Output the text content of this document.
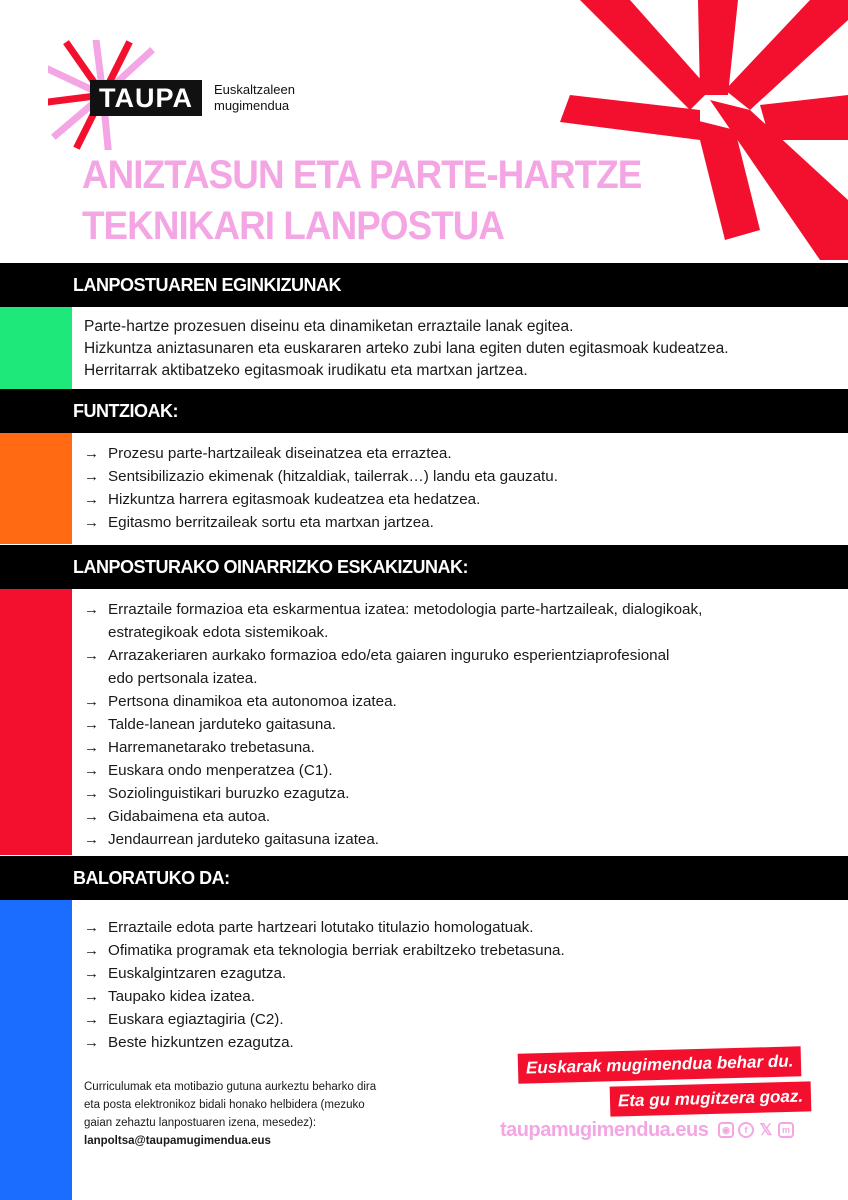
TAUPA	Euskaltzaleen
mugimendua
ANIZTASUN ETA PARTE-HARTZE
TEKNIKARI LANPOSTUA
LANPOSTUAREN EGINKIZUNAK
Parte-hartze prozesuen diseinu eta dinamiketan erraztaile lanak egitea.
Hizkuntza aniztasunaren eta euskararen arteko zubi lana egiten duten egitasmoak kudeatzea.
Herritarrak aktibatzeko egitasmoak irudikatu eta martxan jartzea.
FUNTZIOAK:
→ Prozesu parte-hartzaileak diseinatzea eta erraztea.
→ Sentsibilizazio ekimenak (hitzaldiak, tailerrak…) landu eta gauzatu.
→ Hizkuntza harrera egitasmoak kudeatzea eta hedatzea.
→ Egitasmo berritzaileak sortu eta martxan jartzea.
LANPOSTURAKO OINARRIZKO ESKAKIZUNAK:
→ Erraztaile formazioa eta eskarmentua izatea: metodologia parte-hartzaileak, dialogikoak,
estrategikoak edota sistemikoak.
→ Arrazakeriaren aurkako formazioa edo/eta gaiaren inguruko esperientziaprofesional
edo pertsonala izatea.
→ Pertsona dinamikoa eta autonomoa izatea.
→ Talde-lanean jarduteko gaitasuna.
→ Harremanetarako trebetasuna.
→ Euskara ondo menperatzea (C1).
→ Soziolinguistikari buruzko ezagutza.
→ Gidabaimena eta autoa.
→ Jendaurrean jarduteko gaitasuna izatea.
BALORATUKO DA:
→ Erraztaile edota parte hartzeari lotutako titulazio homologatuak.
→ Ofimatika programak eta teknologia berriak erabiltzeko trebetasuna.
→ Euskalgintzaren ezagutza.
→ Taupako kidea izatea.
→ Euskara egiaztagiria (C2).
→ Beste hizkuntzen ezagutza.
Curriculumak eta motibazio gutuna aurkeztu beharko dira
eta posta elektronikoz bidali honako helbidera (mezuko
gaian zehaztu lanpostuaren izena, mesedez):
lanpoltsa@taupamugimendua.eus
Euskarak mugimendua behar du.
Eta gu mugitzera goaz.
taupamugimendua.eus	◉	f 𝕏	m
